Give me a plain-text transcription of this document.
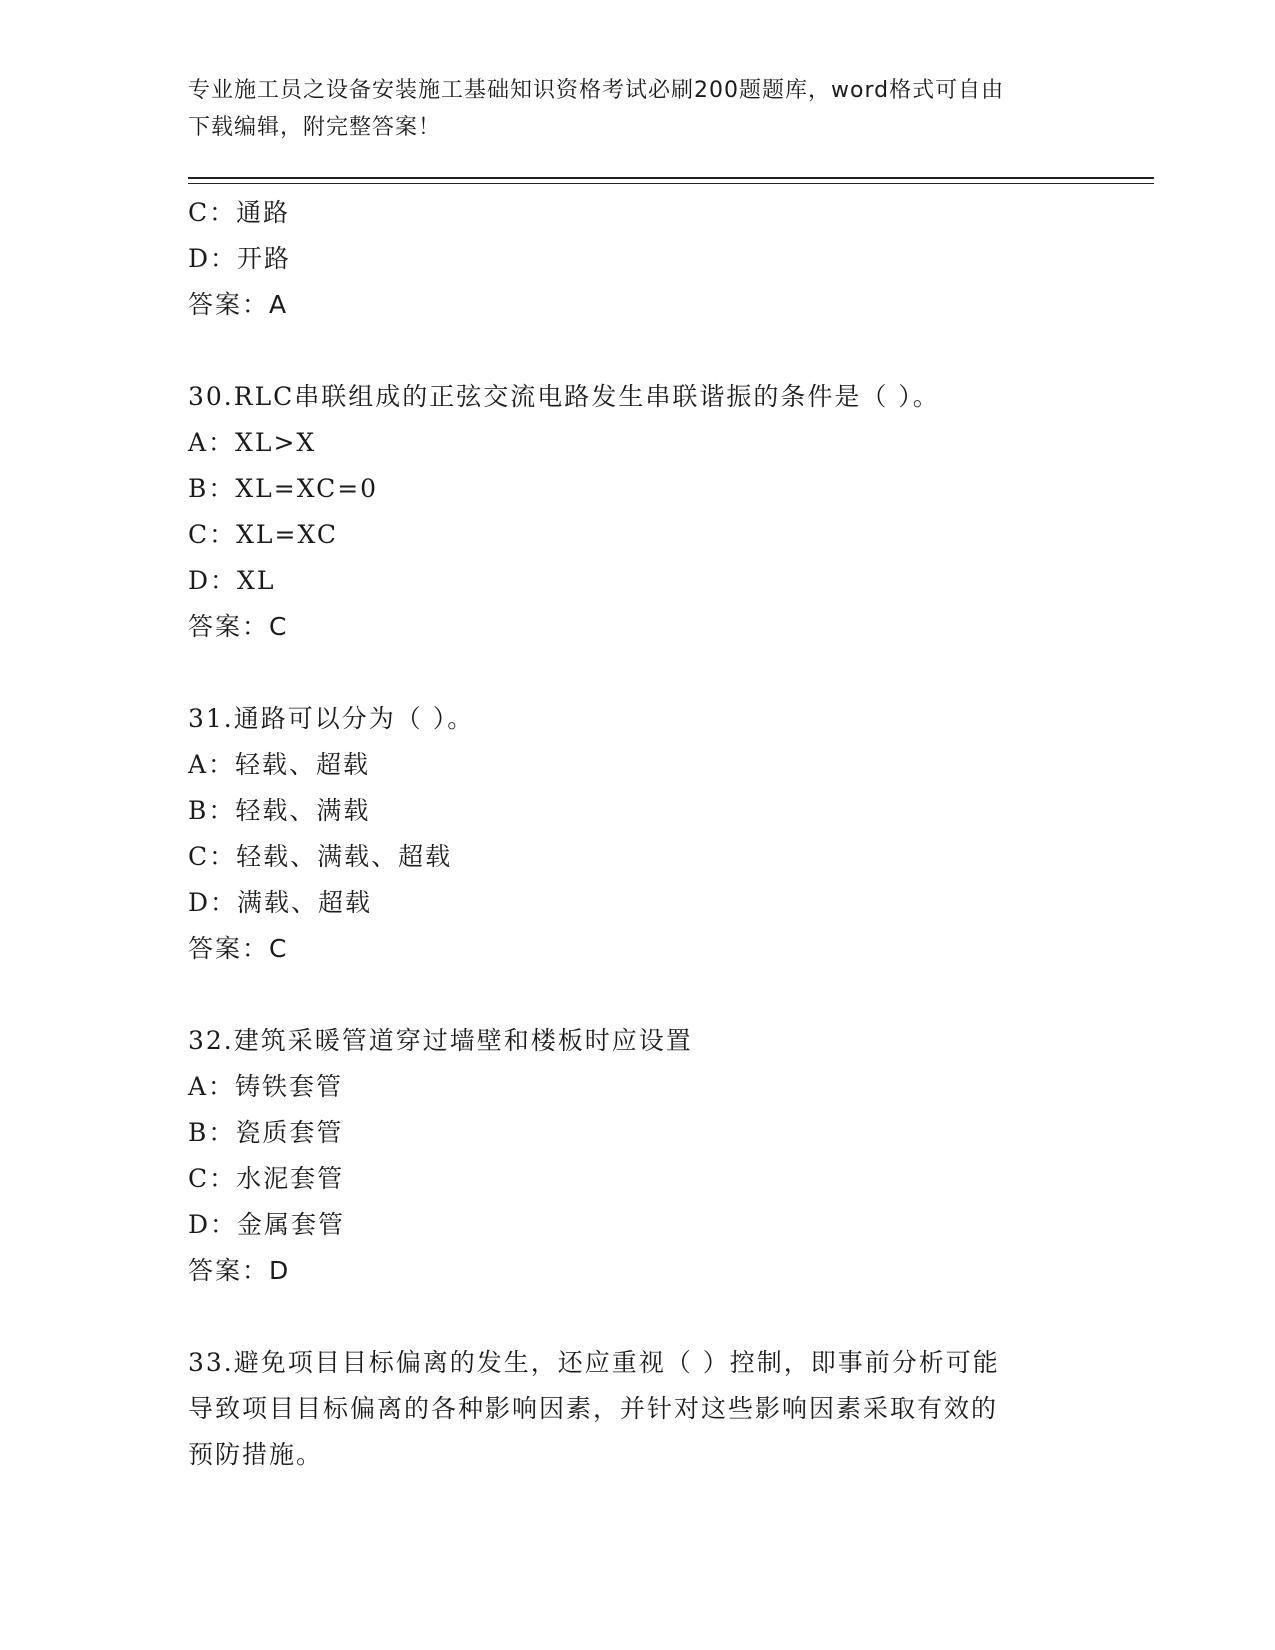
专业施工员之设备安装施工基础知识资格考试必刷200题题库，word格式可自由
下载编辑，附完整答案！
C：通路
D：开路
答案：A
30.RLC串联组成的正弦交流电路发生串联谐振的条件是（ ）。
A：XL>X
B：XL=XC=0
C：XL=XC
D：XL
答案：C
31.通路可以分为（ ）。
A：轻载、超载
B：轻载、满载
C：轻载、满载、超载
D：满载、超载
答案：C
32.建筑采暖管道穿过墙壁和楼板时应设置
A：铸铁套管
B：瓷质套管
C：水泥套管
D：金属套管
答案：D
33.避免项目目标偏离的发生，还应重视（ ）控制，即事前分析可能
导致项目目标偏离的各种影响因素，并针对这些影响因素采取有效的
预防措施。
